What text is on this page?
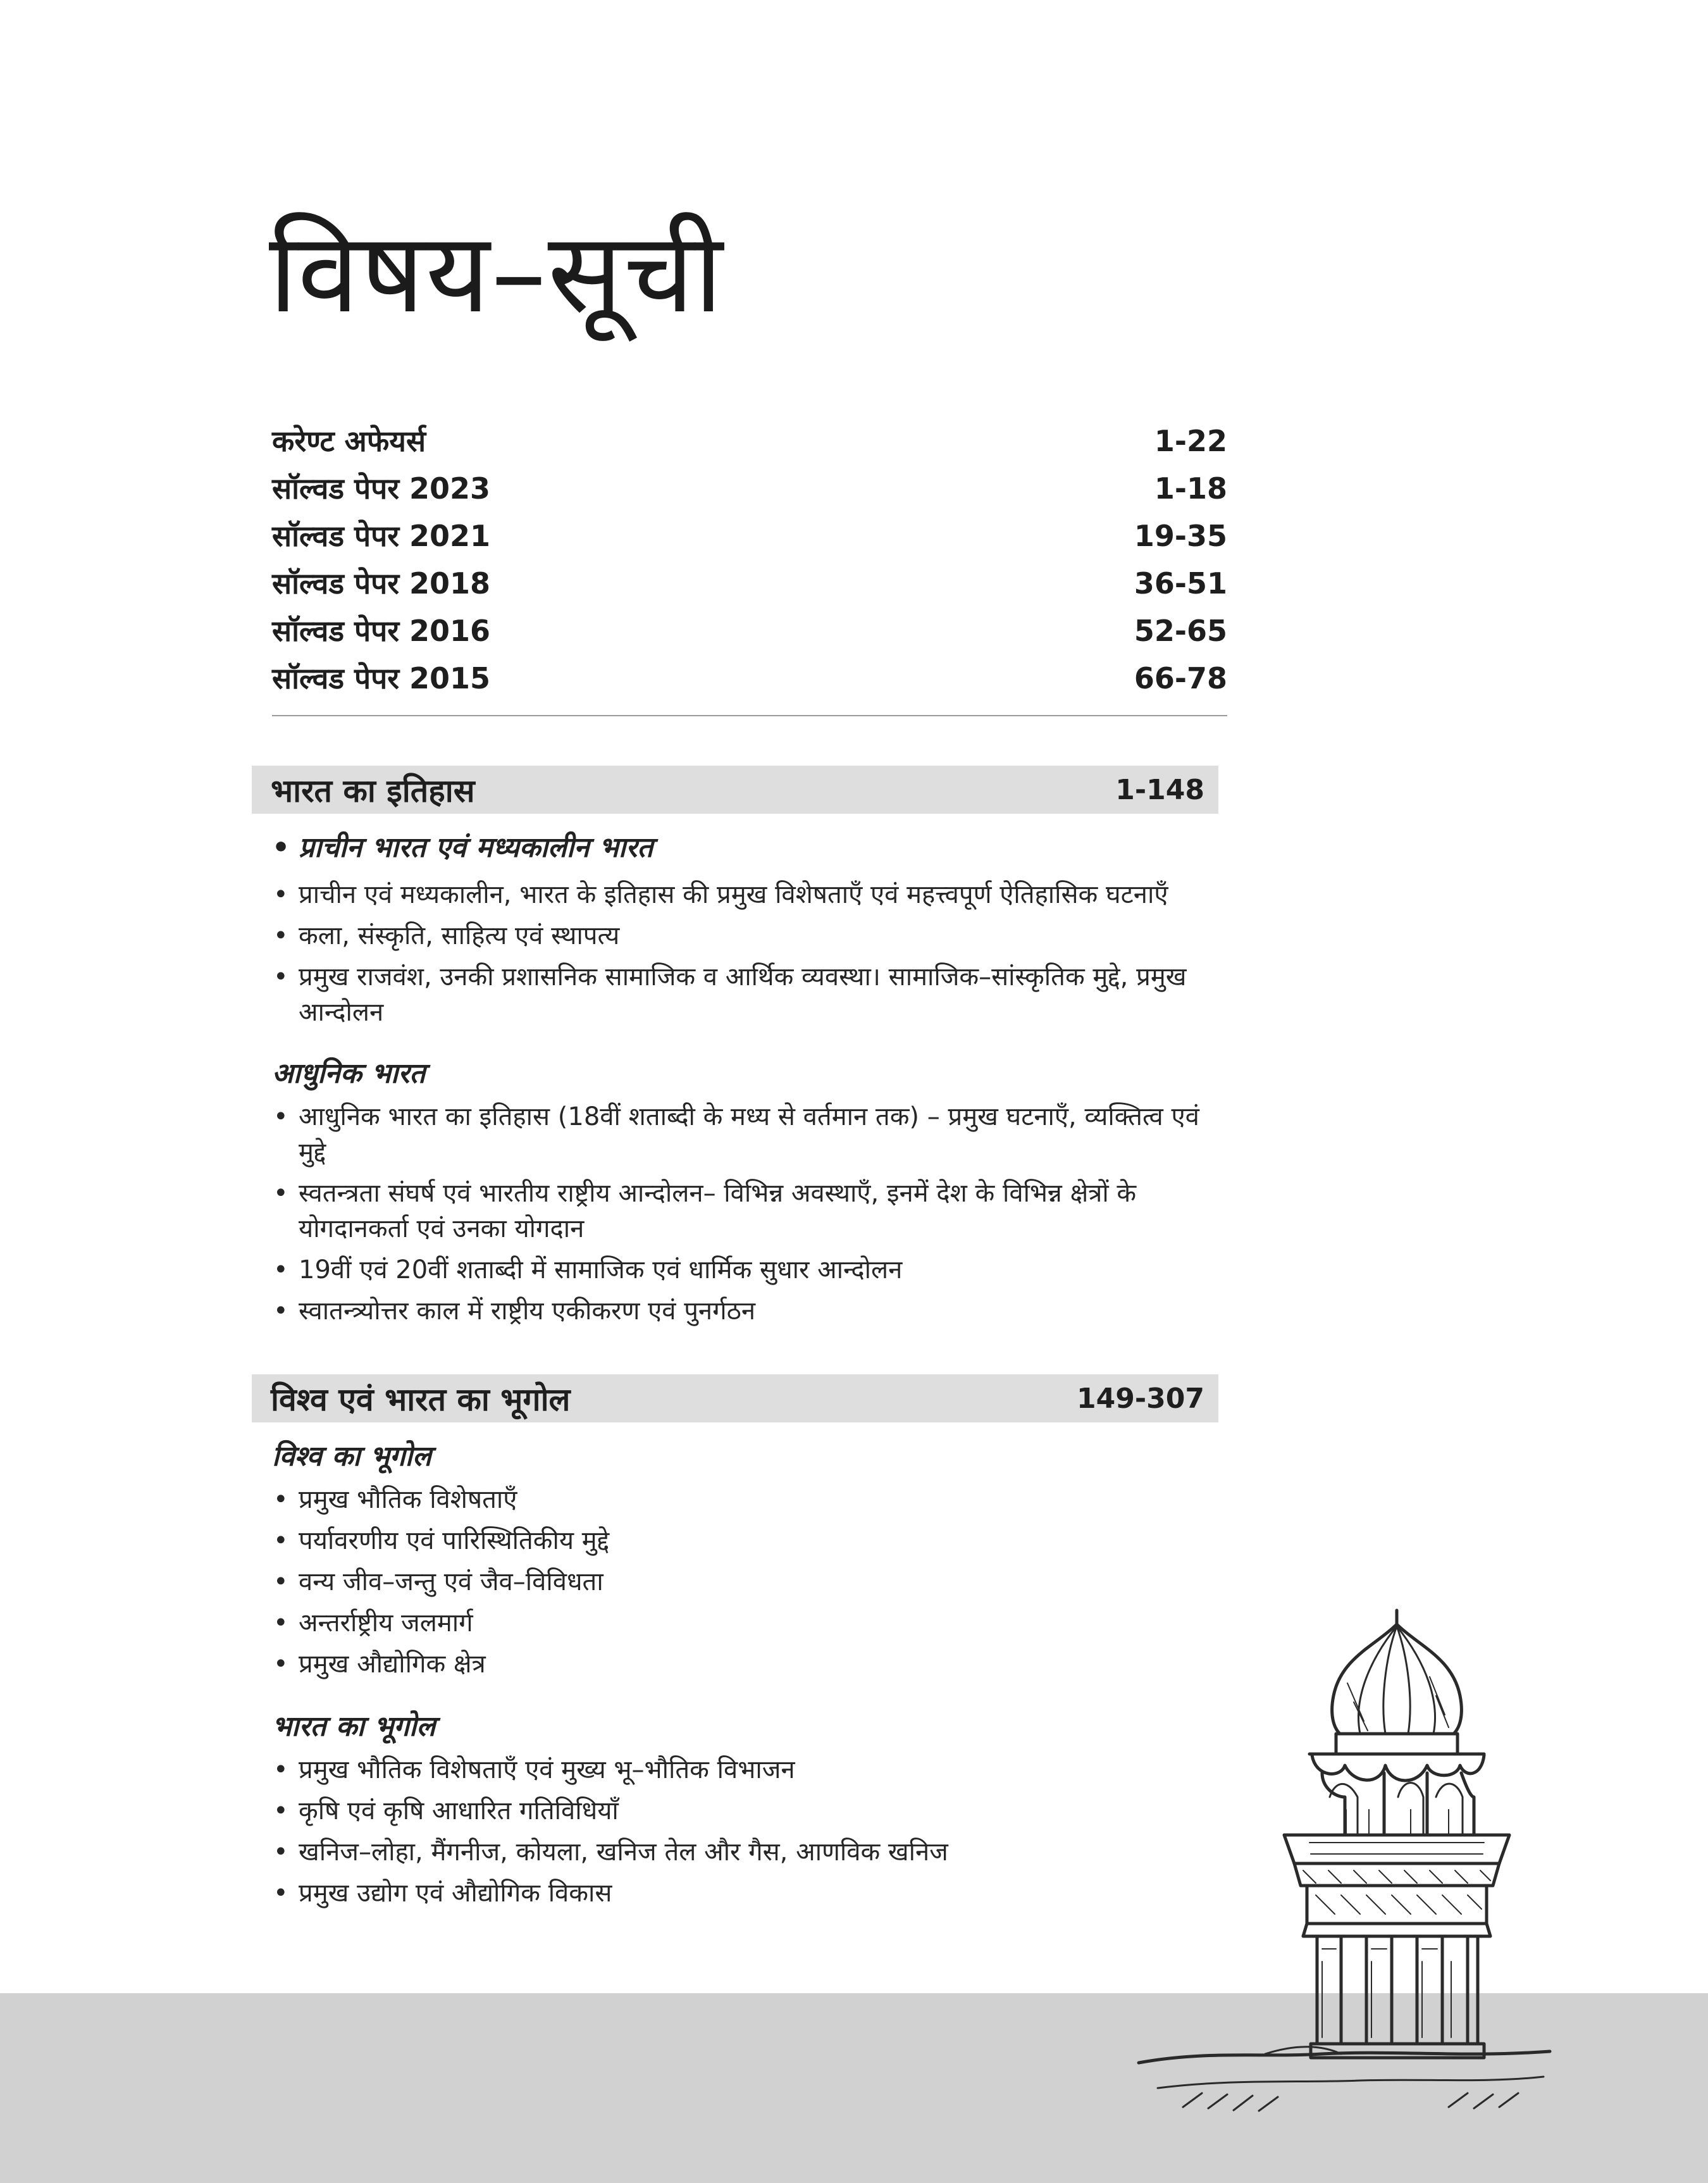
विषय–सूची
करेण्ट अफेयर्स	1-22
सॉल्वड पेपर 2023	1-18
सॉल्वड पेपर 2021	19-35
सॉल्वड पेपर 2018	36-51
सॉल्वड पेपर 2016	52-65
सॉल्वड पेपर 2015	66-78
भारत का इतिहास	1-148
• प्राचीन भारत एवं मध्यकालीन भारत
• प्राचीन एवं मध्यकालीन, भारत के इतिहास की प्रमुख विशेषताएँ एवं महत्त्वपूर्ण ऐतिहासिक घटनाएँ
• कला, संस्कृति, साहित्य एवं स्थापत्य
• प्रमुख राजवंश, उनकी प्रशासनिक सामाजिक व आर्थिक व्यवस्था। सामाजिक–सांस्कृतिक मुद्दे, प्रमुख आन्दोलन
आधुनिक भारत
• आधुनिक भारत का इतिहास (18वीं शताब्दी के मध्य से वर्तमान तक) – प्रमुख घटनाएँ, व्यक्तित्व एवं मुद्दे
• स्वतन्त्रता संघर्ष एवं भारतीय राष्ट्रीय आन्दोलन– विभिन्न अवस्थाएँ, इनमें देश के विभिन्न क्षेत्रों के योगदानकर्ता एवं उनका योगदान
• 19वीं एवं 20वीं शताब्दी में सामाजिक एवं धार्मिक सुधार आन्दोलन
• स्वातन्त्र्योत्तर काल में राष्ट्रीय एकीकरण एवं पुनर्गठन
विश्व एवं भारत का भूगोल	149-307
विश्व का भूगोल
• प्रमुख भौतिक विशेषताएँ
• पर्यावरणीय एवं पारिस्थितिकीय मुद्दे
• वन्य जीव–जन्तु एवं जैव–विविधता
• अन्तर्राष्ट्रीय जलमार्ग
• प्रमुख औद्योगिक क्षेत्र
भारत का भूगोल
• प्रमुख भौतिक विशेषताएँ एवं मुख्य भू–भौतिक विभाजन
• कृषि एवं कृषि आधारित गतिविधियाँ
• खनिज–लोहा, मैंगनीज, कोयला, खनिज तेल और गैस, आणविक खनिज
• प्रमुख उद्योग एवं औद्योगिक विकास
